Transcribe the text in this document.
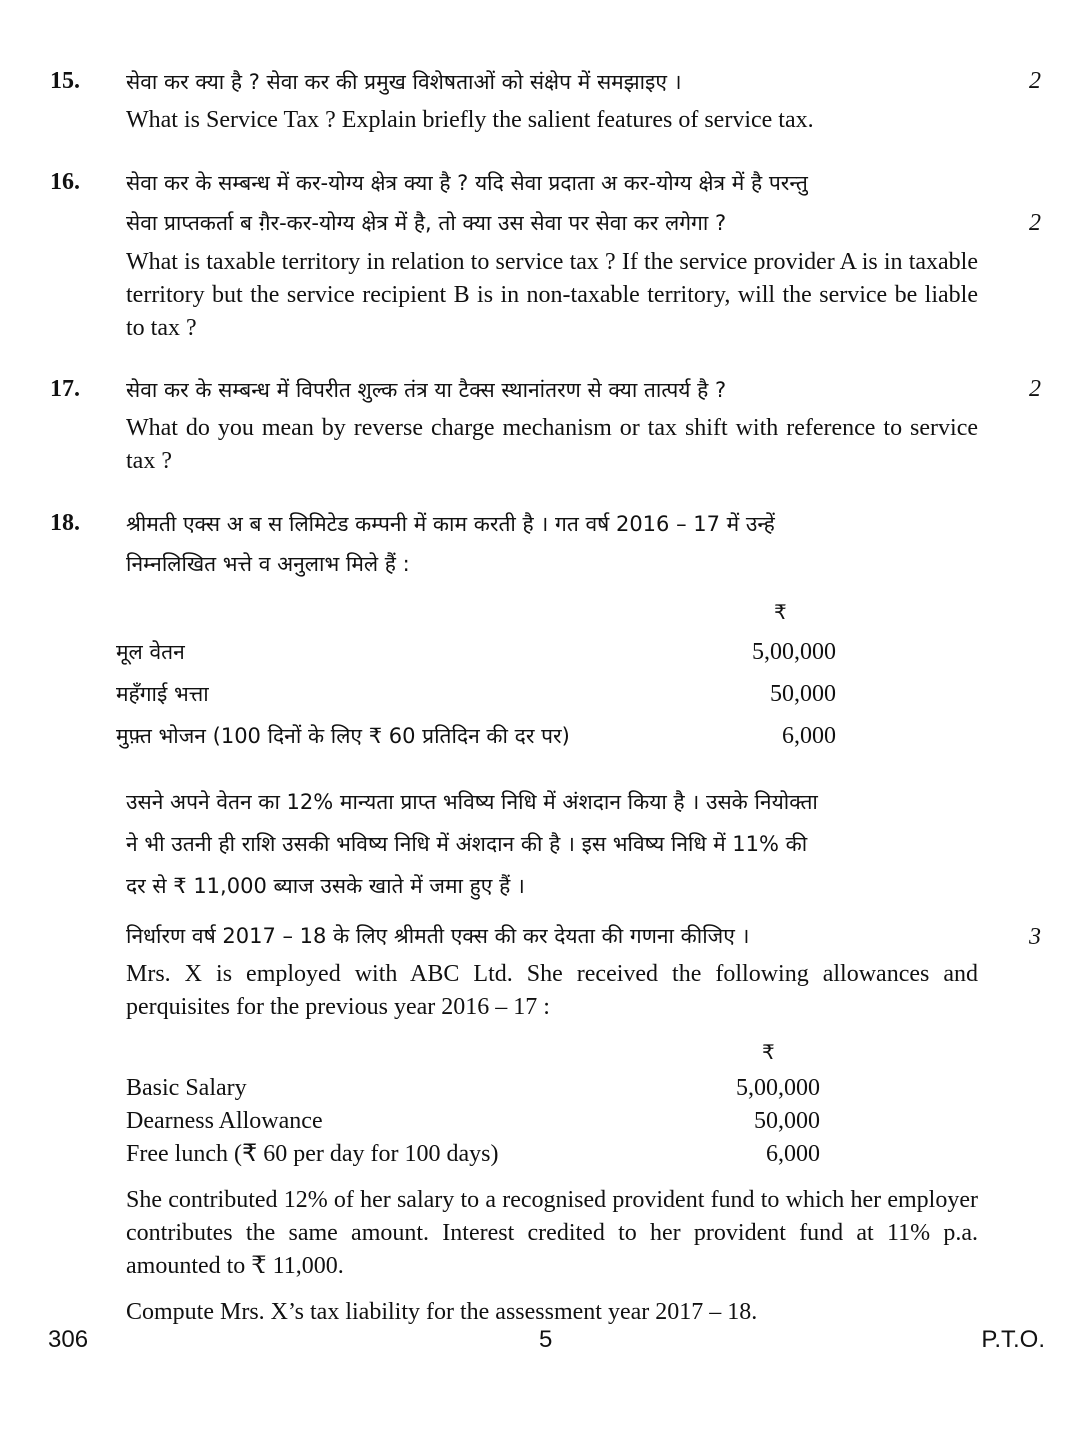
15.	सेवा कर क्या है ? सेवा कर की प्रमुख विशेषताओं को संक्षेप में समझाइए ।	2
What is Service Tax ? Explain briefly the salient features of service tax.
16.	सेवा कर के सम्बन्ध में कर-योग्य क्षेत्र क्या है ? यदि सेवा प्रदाता अ कर-योग्य क्षेत्र में है परन्तु
सेवा प्राप्तकर्ता ब ग़ैर-कर-योग्य क्षेत्र में है, तो क्या उस सेवा पर सेवा कर लगेगा ?	2
What is taxable territory in relation to service tax ? If the service provider A is in taxable territory but the service recipient B is in non-taxable territory, will the service be liable to tax ?
17.	सेवा कर के सम्बन्ध में विपरीत शुल्क तंत्र या टैक्स स्थानांतरण से क्या तात्पर्य है ?	2
What do you mean by reverse charge mechanism or tax shift with reference to service tax ?
18.	श्रीमती एक्स अ ब स लिमिटेड कम्पनी में काम करती है । गत वर्ष 2016 – 17 में उन्हें
निम्नलिखित भत्ते व अनुलाभ मिले हैं :
₹
मूल वेतन	5,00,000
महँगाई भत्ता	50,000
मुफ़्त भोजन (100 दिनों के लिए ₹ 60 प्रतिदिन की दर पर)	6,000
उसने अपने वेतन का 12% मान्यता प्राप्त भविष्य निधि में अंशदान किया है । उसके नियोक्ता
ने भी उतनी ही राशि उसकी भविष्य निधि में अंशदान की है । इस भविष्य निधि में 11% की
दर से ₹ 11,000 ब्याज उसके खाते में जमा हुए हैं ।
निर्धारण वर्ष 2017 – 18 के लिए श्रीमती एक्स की कर देयता की गणना कीजिए ।	3
Mrs. X is employed with ABC Ltd. She received the following allowances and perquisites for the previous year 2016 – 17 :
₹
Basic Salary	5,00,000
Dearness Allowance	50,000
Free lunch (₹ 60 per day for 100 days)	6,000
She contributed 12% of her salary to a recognised provident fund to which her employer contributes the same amount. Interest credited to her provident fund at 11% p.a. amounted to ₹ 11,000.
Compute Mrs. X’s tax liability for the assessment year 2017 – 18.
306	5	P.T.O.
